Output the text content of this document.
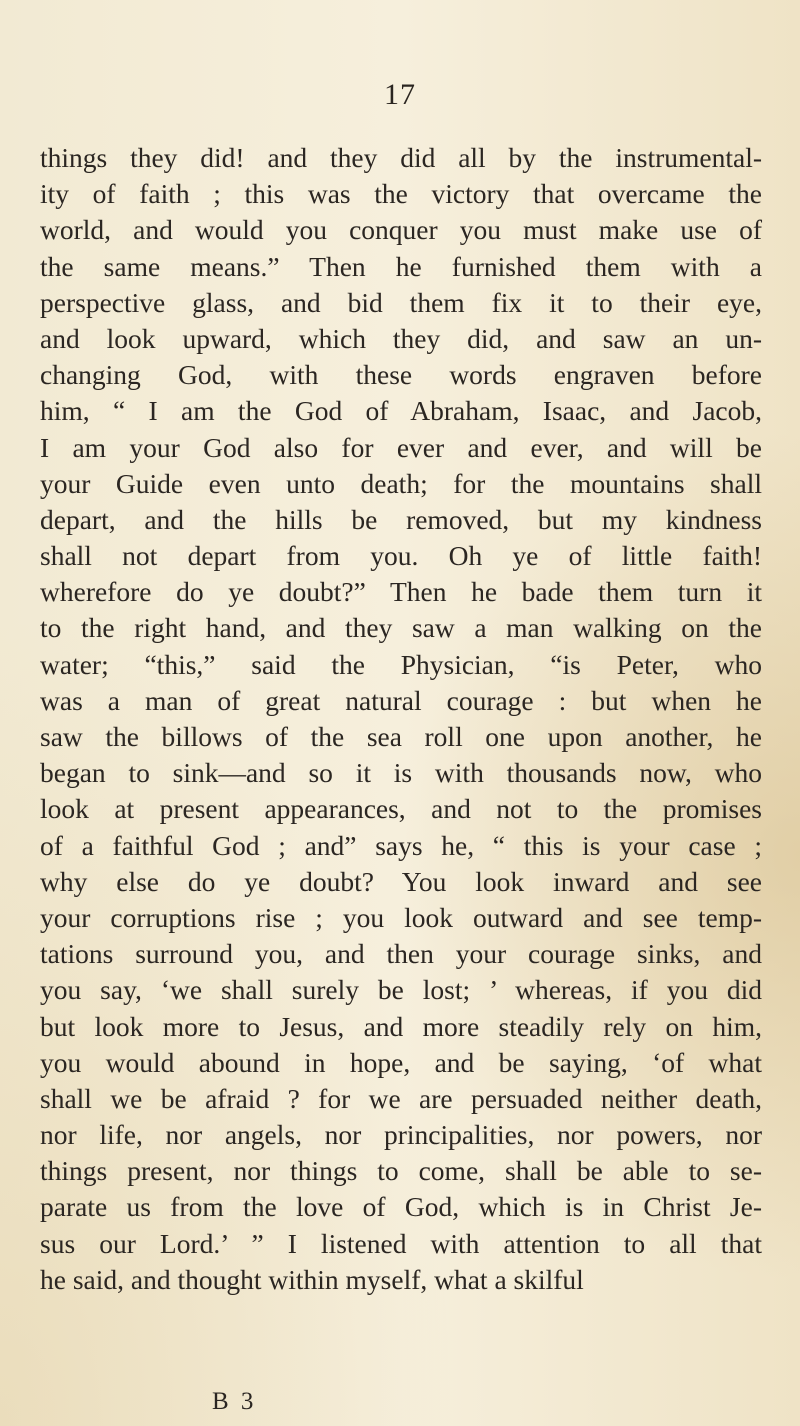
17
things they did! and they did all by the instrumental-
ity of faith ; this was the victory that overcame the
world, and would you conquer you must make use of
the same means.” Then he furnished them with a
perspective glass, and bid them fix it to their eye,
and look upward, which they did, and saw an un-
changing God, with these words engraven before
him, “ I am the God of Abraham, Isaac, and Jacob,
I am your God also for ever and ever, and will be
your Guide even unto death; for the mountains shall
depart, and the hills be removed, but my kindness
shall not depart from you. Oh ye of little faith!
wherefore do ye doubt?” Then he bade them turn it
to the right hand, and they saw a man walking on the
water; “this,” said the Physician, “is Peter, who
was a man of great natural courage : but when he
saw the billows of the sea roll one upon another, he
began to sink—and so it is with thousands now, who
look at present appearances, and not to the promises
of a faithful God ; and” says he, “ this is your case ;
why else do ye doubt? You look inward and see
your corruptions rise ; you look outward and see temp-
tations surround you, and then your courage sinks, and
you say, ‘we shall surely be lost; ’ whereas, if you did
but look more to Jesus, and more steadily rely on him,
you would abound in hope, and be saying, ‘of what
shall we be afraid ? for we are persuaded neither death,
nor life, nor angels, nor principalities, nor powers, nor
things present, nor things to come, shall be able to se-
parate us from the love of God, which is in Christ Je-
sus our Lord.’ ” I listened with attention to all that
he said, and thought within myself, what a skilful
B 3
